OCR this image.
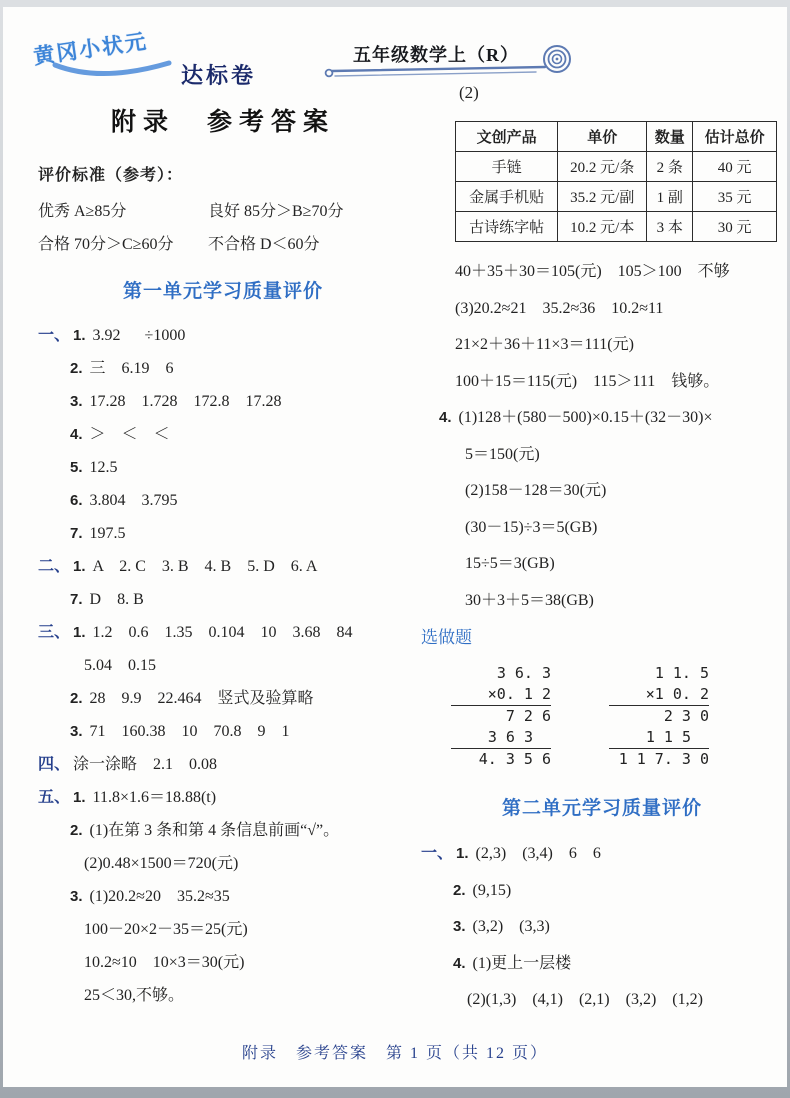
黄冈小状元
达标卷
五年级数学上（R）
(2)
附录　参考答案
评价标准（参考）：
优秀 A≥85分	良好 85分＞B≥70分
合格 70分＞C≥60分	不合格 D＜60分
第一单元学习质量评价
一、 1. 3.92　  ÷1000
2. 三　6.19　6
3. 17.28　1.728　172.8　17.28
4. ＞　＜　＜
5. 12.5
6. 3.804　3.795
7. 197.5
二、 1. A　2. C　3. B　4. B　5. D　6. A
7. D　8. B
三、 1. 1.2　0.6　1.35　0.104　10　3.68　84
5.04　0.15
2. 28　9.9　22.464　竖式及验算略
3. 71　160.38　10　70.8　9　1
四、 涂一涂略　2.1　0.08
五、 1. 11.8×1.6＝18.88(t)
2. (1)在第 3 条和第 4 条信息前画“√”。
(2)0.48×1500＝720(元)
3. (1)20.2≈20　35.2≈35
100－20×2－35＝25(元)
10.2≈10　10×3＝30(元)
25＜30,不够。
文创产品	单价	数量	估计总价
手链	20.2 元/条	2 条	40 元
金属手机贴	35.2 元/副	1 副	35 元
古诗练字帖	10.2 元/本	3 本	30 元
40＋35＋30＝105(元)　105＞100　不够
(3)20.2≈21　35.2≈36　10.2≈11
21×2＋36＋11×3＝111(元)
100＋15＝115(元)　115＞111　钱够。
4. (1)128＋(580－500)×0.15＋(32－30)×
5＝150(元)
(2)158－128＝30(元)
(30－15)÷3＝5(GB)
15÷5＝3(GB)
30＋3＋5＝38(GB)
选做题
3 6. 3
×0. 1 2
7 2 6
3 6 3
4. 3 5 6
1 1. 5
×1 0. 2
2 3 0
1 1 5
1 1 7. 3 0
第二单元学习质量评价
一、 1. (2,3)　(3,4)　6　6
2. (9,15)
3. (3,2)　(3,3)
4. (1)更上一层楼
(2)(1,3)　(4,1)　(2,1)　(3,2)　(1,2)
附录　参考答案　第 1 页（共 12 页）
